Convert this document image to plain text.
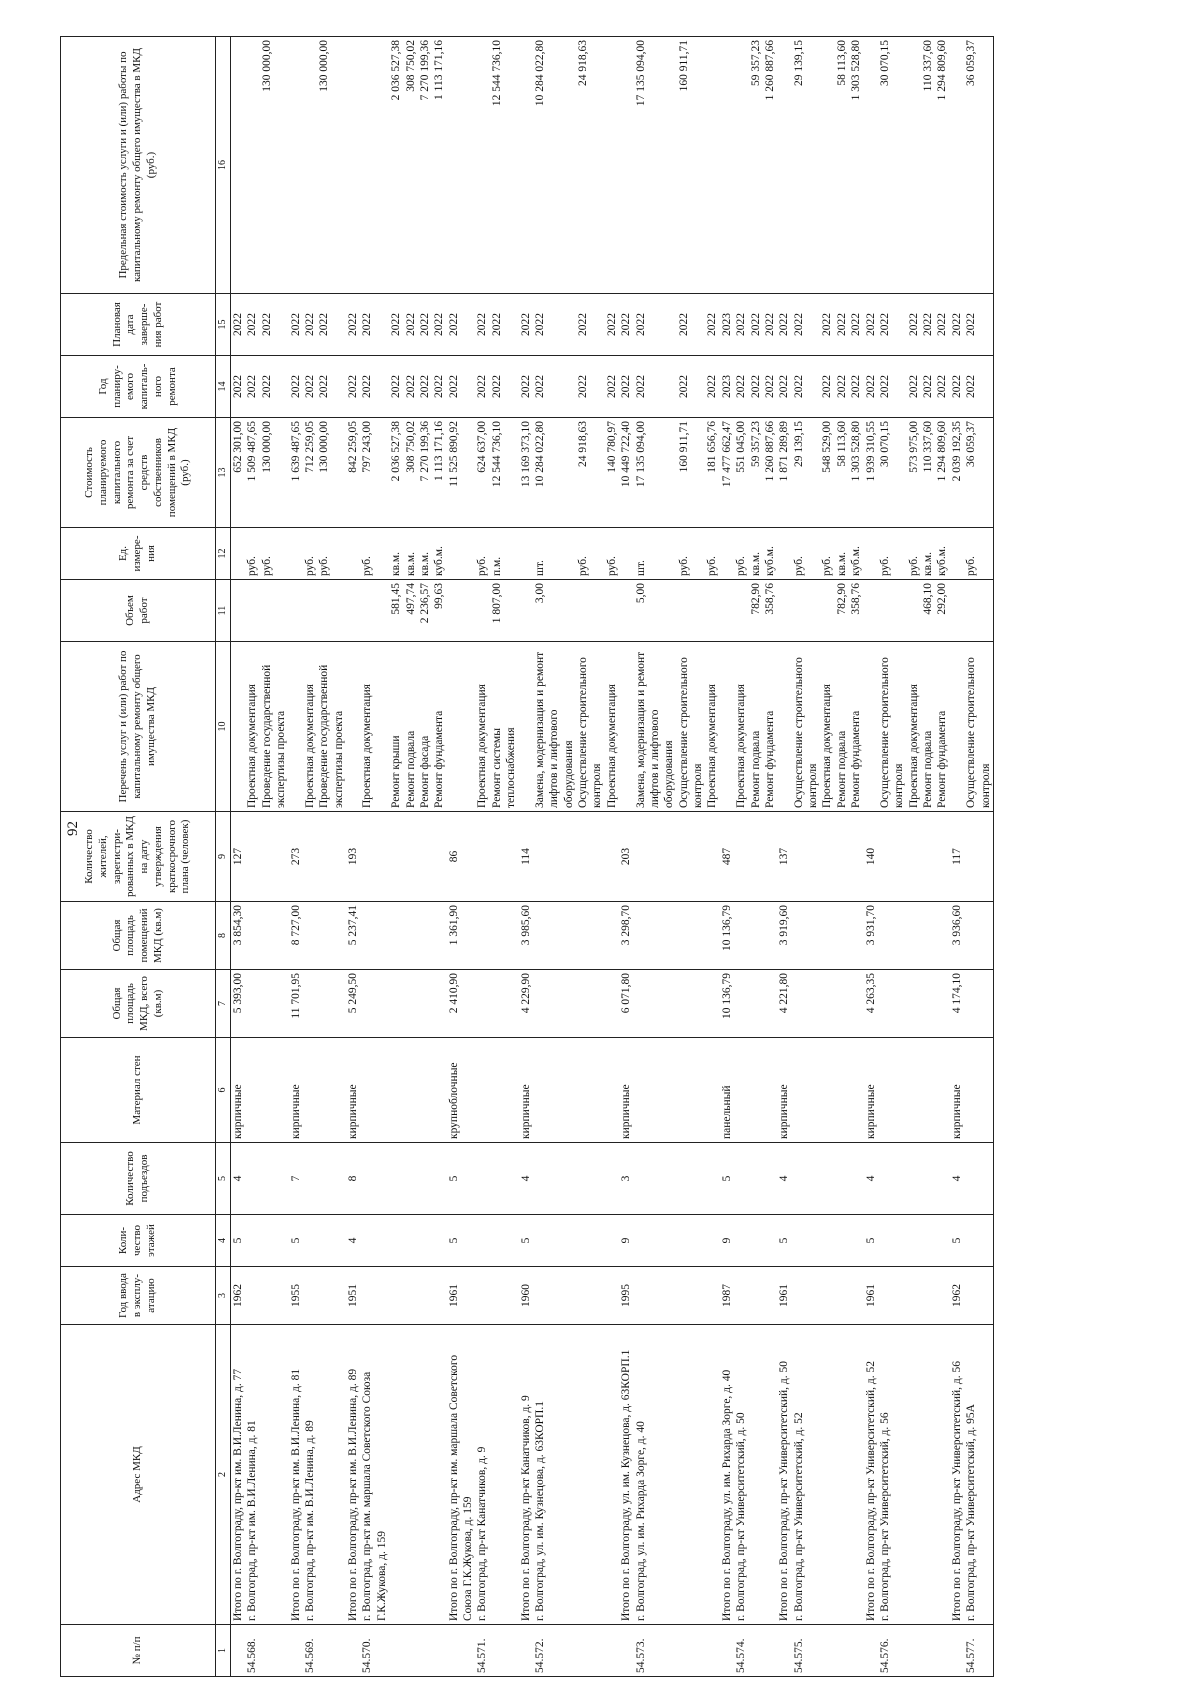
92
№ п/п	Адрес МКД	Год ввода в эксплу-атацию	Коли-чество этажей	Количество подъездов	Материал стен	Общая площадь МКД, всего (кв.м)	Общая площадь помещений МКД (кв.м)	Количество жителей, зарегистри-рованных в МКД на дату утверждения краткосрочного плана (человек)	Перечень услуг и (или) работ по капитальному ремонту общего имущества МКД	Объем работ	Ед. измере-ния	Стоимость планируемого капитального ремонта за счет средств собственников помещений в МКД (руб.)	Год планиру-емого капиталь-ного ремонта	Плановая дата заверше-ния работ	Предельная стоимость услуги и (или) работы по капитальному ремонту общего имущества в МКД (руб.)
1	2	3	4	5	6	7	8	9	10	11	12	13	14	15	16
	Итого по г. Волгограду, пр-кт им. В.И.Ленина, д. 77	1962	5	4	кирпичные	5 393,00	3 854,30	127				652 301,00	2022	2022	
54.568.	г. Волгоград, пр-кт им. В.И.Ленина, д. 81								Проектная документация		руб.	1 509 487,65	2022	2022	
									Проведение государственной экспертизы проекта		руб.	130 000,00	2022	2022	130 000,00
	Итого по г. Волгограду, пр-кт им. В.И.Ленина, д. 81	1955	5	7	кирпичные	11 701,95	8 727,00	273				1 639 487,65	2022	2022	
54.569.	г. Волгоград, пр-кт им. В.И.Ленина, д. 89								Проектная документация		руб.	712 259,05	2022	2022	
									Проведение государственной экспертизы проекта		руб.	130 000,00	2022	2022	130 000,00
	Итого по г. Волгограду, пр-кт им. В.И.Ленина, д. 89	1951	4	8	кирпичные	5 249,50	5 237,41	193				842 259,05	2022	2022	
54.570.	г. Волгоград, пр-кт им. маршала Советского Союза Г.К.Жукова, д. 159								Проектная документация		руб.	797 243,00	2022	2022	
									Ремонт крыши	581,45	кв.м.	2 036 527,38	2022	2022	2 036 527,38
									Ремонт подвала	497,74	кв.м.	308 750,02	2022	2022	308 750,02
									Ремонт фасада	2 236,57	кв.м.	7 270 199,36	2022	2022	7 270 199,36
									Ремонт фундамента	99,63	куб.м.	1 113 171,16	2022	2022	1 113 171,16
	Итого по г. Волгограду, пр-кт им. маршала Советского Союза Г.К.Жукова, д. 159	1961	5	5	крупноблочные	2 410,90	1 361,90	86				11 525 890,92	2022	2022	
54.571.	г. Волгоград, пр-кт Канатчиков, д. 9								Проектная документация		руб.	624 637,00	2022	2022	
									Ремонт системы теплоснабжения	1 807,00	п.м.	12 544 736,10	2022	2022	12 544 736,10
	Итого по г. Волгограду, пр-кт Канатчиков, д. 9	1960	5	4	кирпичные	4 229,90	3 985,60	114				13 169 373,10	2022	2022	
54.572.	г. Волгоград, ул. им. Кузнецова, д. 63КОРП.1								Замена, модернизация и ремонт лифтов и лифтового оборудования	3,00	шт.	10 284 022,80	2022	2022	10 284 022,80
									Осуществление строительного контроля		руб.	24 918,63	2022	2022	24 918,63
									Проектная документация		руб.	140 780,97	2022	2022	
	Итого по г. Волгограду, ул. им. Кузнецова, д. 63КОРП.1	1995	9	3	кирпичные	6 071,80	3 298,70	203				10 449 722,40	2022	2022	
54.573.	г. Волгоград, ул. им. Рихарда Зорге, д. 40								Замена, модернизация и ремонт лифтов и лифтового оборудования	5,00	шт.	17 135 094,00	2022	2022	17 135 094,00
									Осуществление строительного контроля		руб.	160 911,71	2022	2022	160 911,71
									Проектная документация		руб.	181 656,76	2022	2022	
	Итого по г. Волгограду, ул. им. Рихарда Зорге, д. 40	1987	9	5	панельный	10 136,79	10 136,79	487				17 477 662,47	2023	2023	
54.574.	г. Волгоград, пр-кт Университетский, д. 50								Проектная документация		руб.	551 045,00	2022	2022	
									Ремонт подвала	782,90	кв.м.	59 357,23	2022	2022	59 357,23
									Ремонт фундамента	358,76	куб.м.	1 260 887,66	2022	2022	1 260 887,66
	Итого по г. Волгограду, пр-кт Университетский, д. 50	1961	5	4	кирпичные	4 221,80	3 919,60	137				1 871 289,89	2022	2022	
54.575.	г. Волгоград, пр-кт Университетский, д. 52								Осуществление строительного контроля		руб.	29 139,15	2022	2022	29 139,15
									Проектная документация		руб.	548 529,00	2022	2022	
									Ремонт подвала	782,90	кв.м.	58 113,60	2022	2022	58 113,60
									Ремонт фундамента	358,76	куб.м.	1 303 528,80	2022	2022	1 303 528,80
	Итого по г. Волгограду, пр-кт Университетский, д. 52	1961	5	4	кирпичные	4 263,35	3 931,70	140				1 939 310,55	2022	2022	
54.576.	г. Волгоград, пр-кт Университетский, д. 56								Осуществление строительного контроля		руб.	30 070,15	2022	2022	30 070,15
									Проектная документация		руб.	573 975,00	2022	2022	
									Ремонт подвала	468,10	кв.м.	110 337,60	2022	2022	110 337,60
									Ремонт фундамента	292,00	куб.м.	1 294 809,60	2022	2022	1 294 809,60
	Итого по г. Волгограду, пр-кт Университетский, д. 56	1962	5	4	кирпичные	4 174,10	3 936,60	117				2 039 192,35	2022	2022	
54.577.	г. Волгоград, пр-кт Университетский, д. 95А								Осуществление строительного контроля		руб.	36 059,37	2022	2022	36 059,37
